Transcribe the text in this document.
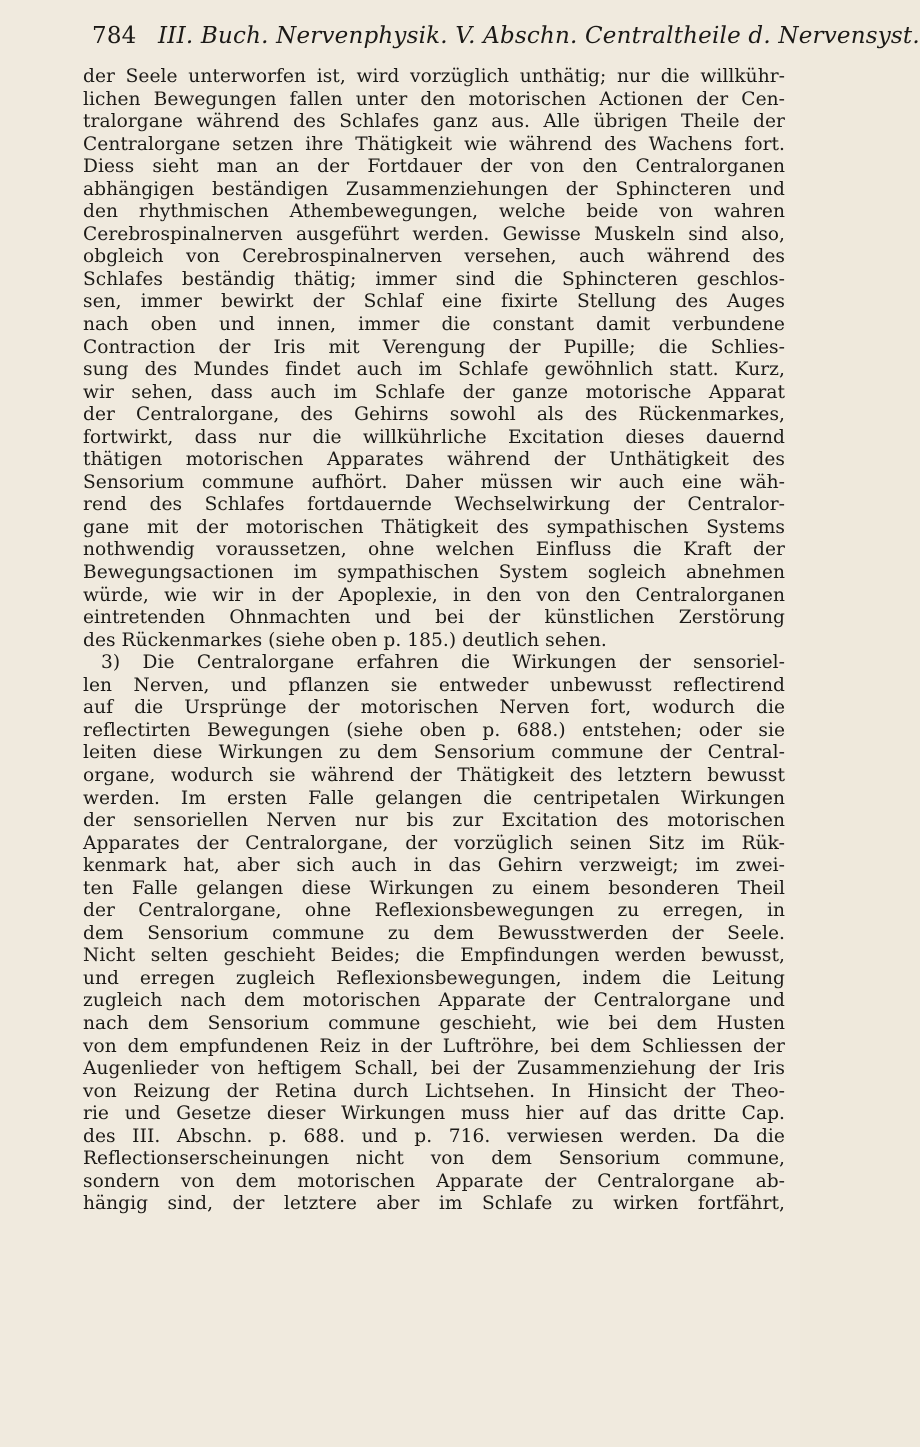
784 III. Buch. Nervenphysik. V. Abschn. Centraltheile d. Nervensyst.
der Seele unterworfen ist, wird vorzüglich unthätig; nur die willkühr-
lichen Bewegungen fallen unter den motorischen Actionen der Cen-
tralorgane während des Schlafes ganz aus. Alle übrigen Theile der
Centralorgane setzen ihre Thätigkeit wie während des Wachens fort.
Diess sieht man an der Fortdauer der von den Centralorganen
abhängigen beständigen Zusammenziehungen der Sphincteren und
den rhythmischen Athembewegungen, welche beide von wahren
Cerebrospinalnerven ausgeführt werden. Gewisse Muskeln sind also,
obgleich von Cerebrospinalnerven versehen, auch während des
Schlafes beständig thätig; immer sind die Sphincteren geschlos-
sen, immer bewirkt der Schlaf eine fixirte Stellung des Auges
nach oben und innen, immer die constant damit verbundene
Contraction der Iris mit Verengung der Pupille; die Schlies-
sung des Mundes findet auch im Schlafe gewöhnlich statt. Kurz,
wir sehen, dass auch im Schlafe der ganze motorische Apparat
der Centralorgane, des Gehirns sowohl als des Rückenmarkes,
fortwirkt, dass nur die willkührliche Excitation dieses dauernd
thätigen motorischen Apparates während der Unthätigkeit des
Sensorium commune aufhört. Daher müssen wir auch eine wäh-
rend des Schlafes fortdauernde Wechselwirkung der Centralor-
gane mit der motorischen Thätigkeit des sympathischen Systems
nothwendig voraussetzen, ohne welchen Einfluss die Kraft der
Bewegungsactionen im sympathischen System sogleich abnehmen
würde, wie wir in der Apoplexie, in den von den Centralorganen
eintretenden Ohnmachten und bei der künstlichen Zerstörung
des Rückenmarkes (siehe oben p. 185.) deutlich sehen.
3) Die Centralorgane erfahren die Wirkungen der sensoriel-
len Nerven, und pflanzen sie entweder unbewusst reflectirend
auf die Ursprünge der motorischen Nerven fort, wodurch die
reflectirten Bewegungen (siehe oben p. 688.) entstehen; oder sie
leiten diese Wirkungen zu dem Sensorium commune der Central-
organe, wodurch sie während der Thätigkeit des letztern bewusst
werden. Im ersten Falle gelangen die centripetalen Wirkungen
der sensoriellen Nerven nur bis zur Excitation des motorischen
Apparates der Centralorgane, der vorzüglich seinen Sitz im Rük-
kenmark hat, aber sich auch in das Gehirn verzweigt; im zwei-
ten Falle gelangen diese Wirkungen zu einem besonderen Theil
der Centralorgane, ohne Reflexionsbewegungen zu erregen, in
dem Sensorium commune zu dem Bewusstwerden der Seele.
Nicht selten geschieht Beides; die Empfindungen werden bewusst,
und erregen zugleich Reflexionsbewegungen, indem die Leitung
zugleich nach dem motorischen Apparate der Centralorgane und
nach dem Sensorium commune geschieht, wie bei dem Husten
von dem empfundenen Reiz in der Luftröhre, bei dem Schliessen der
Augenlieder von heftigem Schall, bei der Zusammenziehung der Iris
von Reizung der Retina durch Lichtsehen. In Hinsicht der Theo-
rie und Gesetze dieser Wirkungen muss hier auf das dritte Cap.
des III. Abschn. p. 688. und p. 716. verwiesen werden. Da die
Reflectionserscheinungen nicht von dem Sensorium commune,
sondern von dem motorischen Apparate der Centralorgane ab-
hängig sind, der letztere aber im Schlafe zu wirken fortfährt,
